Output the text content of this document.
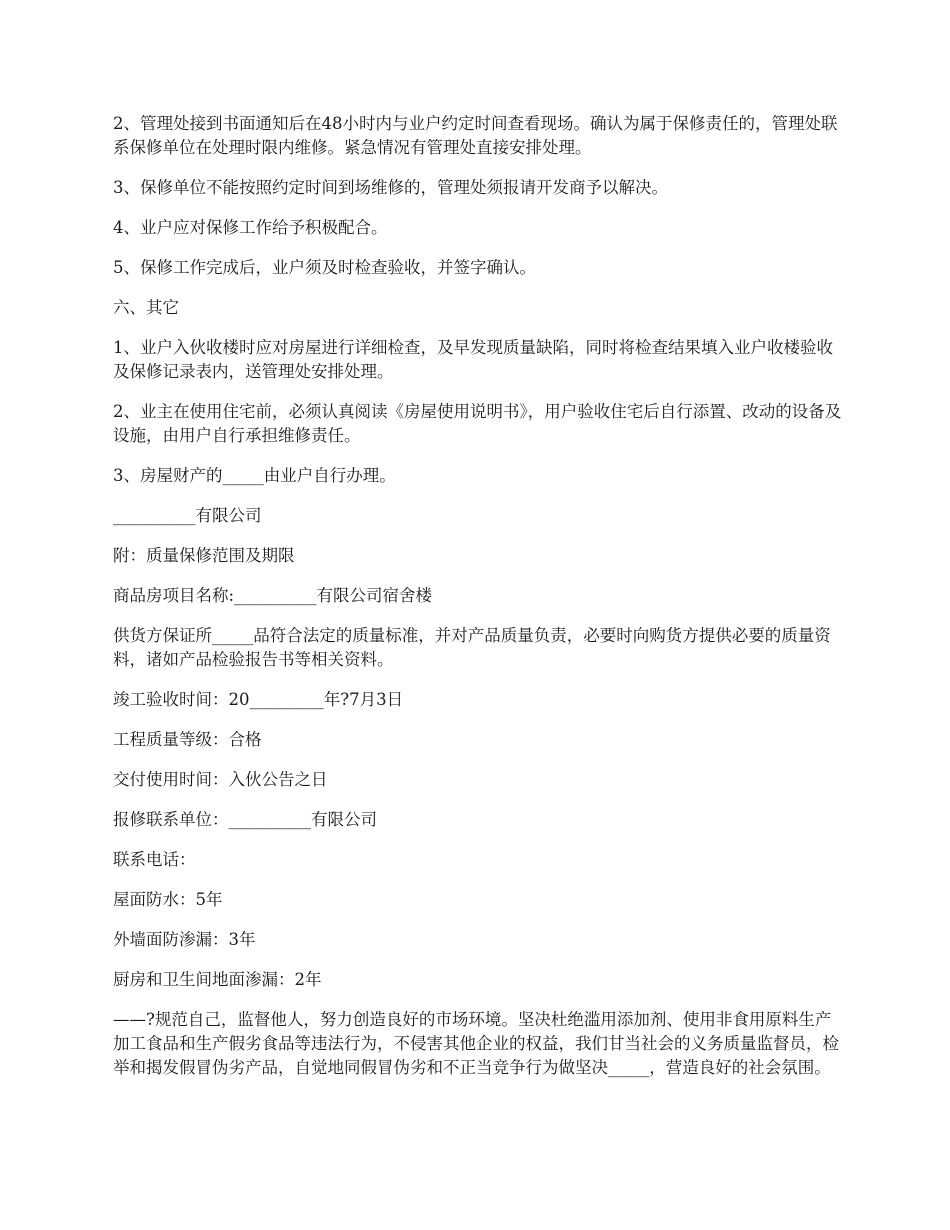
2、管理处接到书面通知后在48小时内与业户约定时间查看现场。确认为属于保修责任的，管理处联系保修单位在处理时限内维修。紧急情况有管理处直接安排处理。

3、保修单位不能按照约定时间到场维修的，管理处须报请开发商予以解决。

4、业户应对保修工作给予积极配合。

5、保修工作完成后，业户须及时检查验收，并签字确认。

六、其它

1、业户入伙收楼时应对房屋进行详细检查，及早发现质量缺陷，同时将检查结果填入业户收楼验收及保修记录表内，送管理处安排处理。

2、业主在使用住宅前，必须认真阅读《房屋使用说明书》，用户验收住宅后自行添置、改动的设备及设施，由用户自行承担维修责任。

3、房屋财产的_____由业户自行办理。

__________有限公司

附：质量保修范围及期限

商品房项目名称:__________有限公司宿舍楼

供货方保证所_____品符合法定的质量标准，并对产品质量负责，必要时向购货方提供必要的质量资料，诸如产品检验报告书等相关资料。

竣工验收时间：20_________年?7月3日

工程质量等级：合格

交付使用时间：入伙公告之日

报修联系单位：__________有限公司

联系电话：

屋面防水：5年

外墙面防渗漏：3年

厨房和卫生间地面渗漏：2年

——?规范自己，监督他人，努力创造良好的市场环境。坚决杜绝滥用添加剂、使用非食用原料生产加工食品和生产假劣食品等违法行为，不侵害其他企业的权益，我们甘当社会的义务质量监督员，检举和揭发假冒伪劣产品，自觉地同假冒伪劣和不正当竞争行为做坚决_____，营造良好的社会氛围。
